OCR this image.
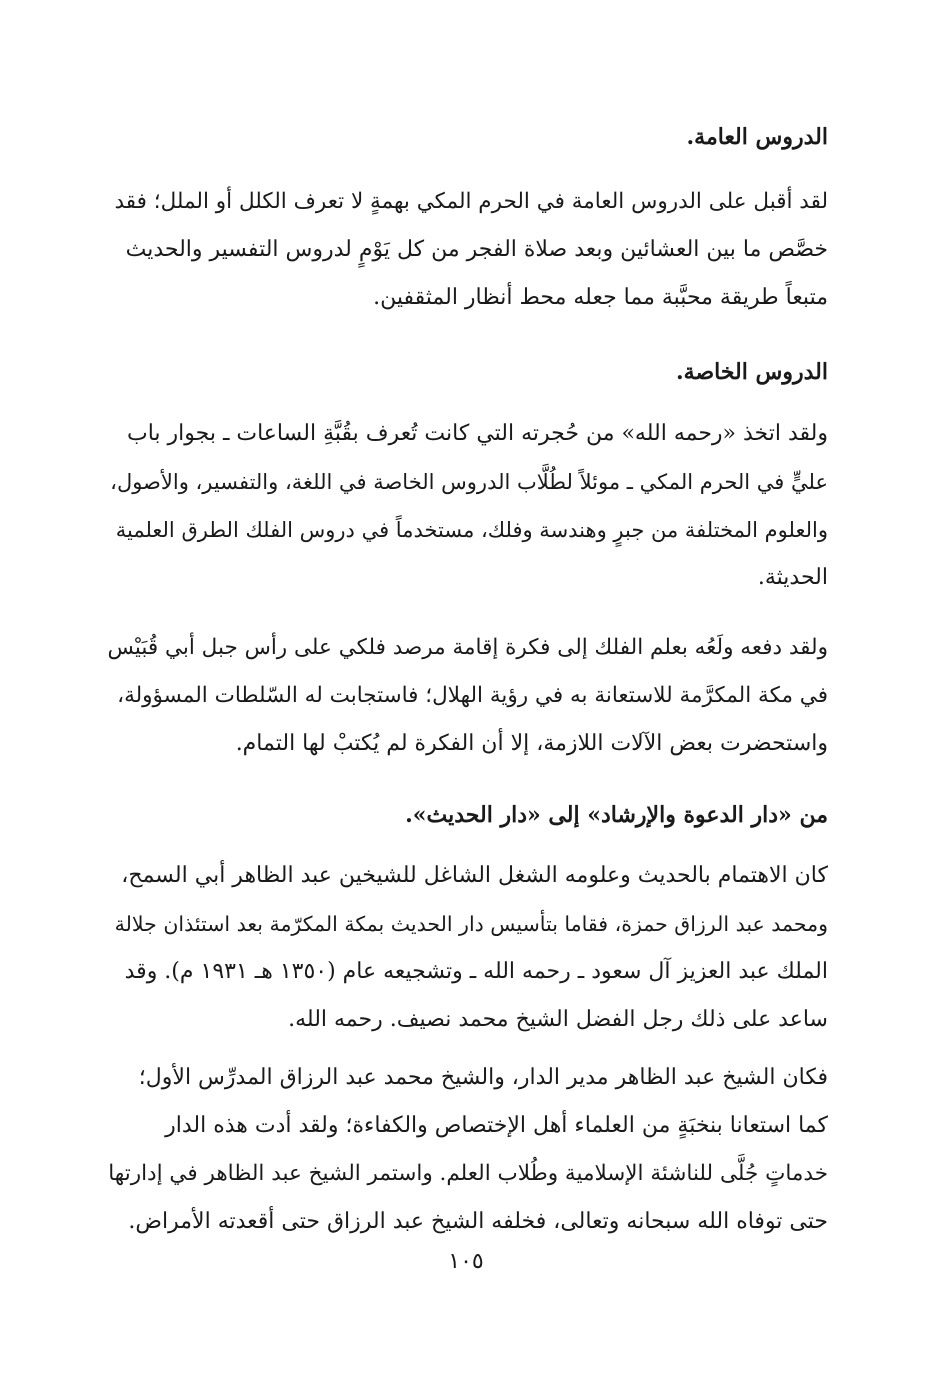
الدروس العامة.
لقد أقبل على الدروس العامة في الحرم المكي بهمةٍ لا تعرف الكلل أو الملل؛ فقد
خصَّص ما بين العشائين وبعد صلاة الفجر من كل يَوْمٍ لدروس التفسير والحديث
متبعاً طريقة محبَّبة مما جعله محط أنظار المثقفين.
الدروس الخاصة.
ولقد اتخذ «رحمه الله» من حُجرته التي كانت تُعرف بقُبَّةِ الساعات ـ بجوار باب
عليٍّ في الحرم المكي ـ موئلاً لطُلَّاب الدروس الخاصة في اللغة، والتفسير، والأصول،
والعلوم المختلفة من جبرٍ وهندسة وفلك، مستخدماً في دروس الفلك الطرق العلمية
الحديثة.
ولقد دفعه ولَعُه بعلم الفلك إلى فكرة إقامة مرصد فلكي على رأس جبل أبي قُبَيْس
في مكة المكرَّمة للاستعانة به في رؤية الهلال؛ فاستجابت له السّلطات المسؤولة،
واستحضرت بعض الآلات اللازمة، إلا أن الفكرة لم يُكتبْ لها التمام.
من «دار الدعوة والإرشاد» إلى «دار الحديث».
كان الاهتمام بالحديث وعلومه الشغل الشاغل للشيخين عبد الظاهر أبي السمح،
ومحمد عبد الرزاق حمزة، فقاما بتأسيس دار الحديث بمكة المكرّمة بعد استئذان جلالة
الملك عبد العزيز آل سعود ـ رحمه الله ـ وتشجيعه عام (١٣٥٠ هـ ١٩٣١ م). وقد
ساعد على ذلك رجل الفضل الشيخ محمد نصيف. رحمه الله.
فكان الشيخ عبد الظاهر مدير الدار، والشيخ محمد عبد الرزاق المدرِّس الأول؛
كما استعانا بنخبَةٍ من العلماء أهل الإختصاص والكفاءة؛ ولقد أدت هذه الدار
خدماتٍ جُلَّى للناشئة الإسلامية وطُلاب العلم. واستمر الشيخ عبد الظاهر في إدارتها
حتى توفاه الله سبحانه وتعالى، فخلفه الشيخ عبد الرزاق حتى أقعدته الأمراض.
١٠٥
